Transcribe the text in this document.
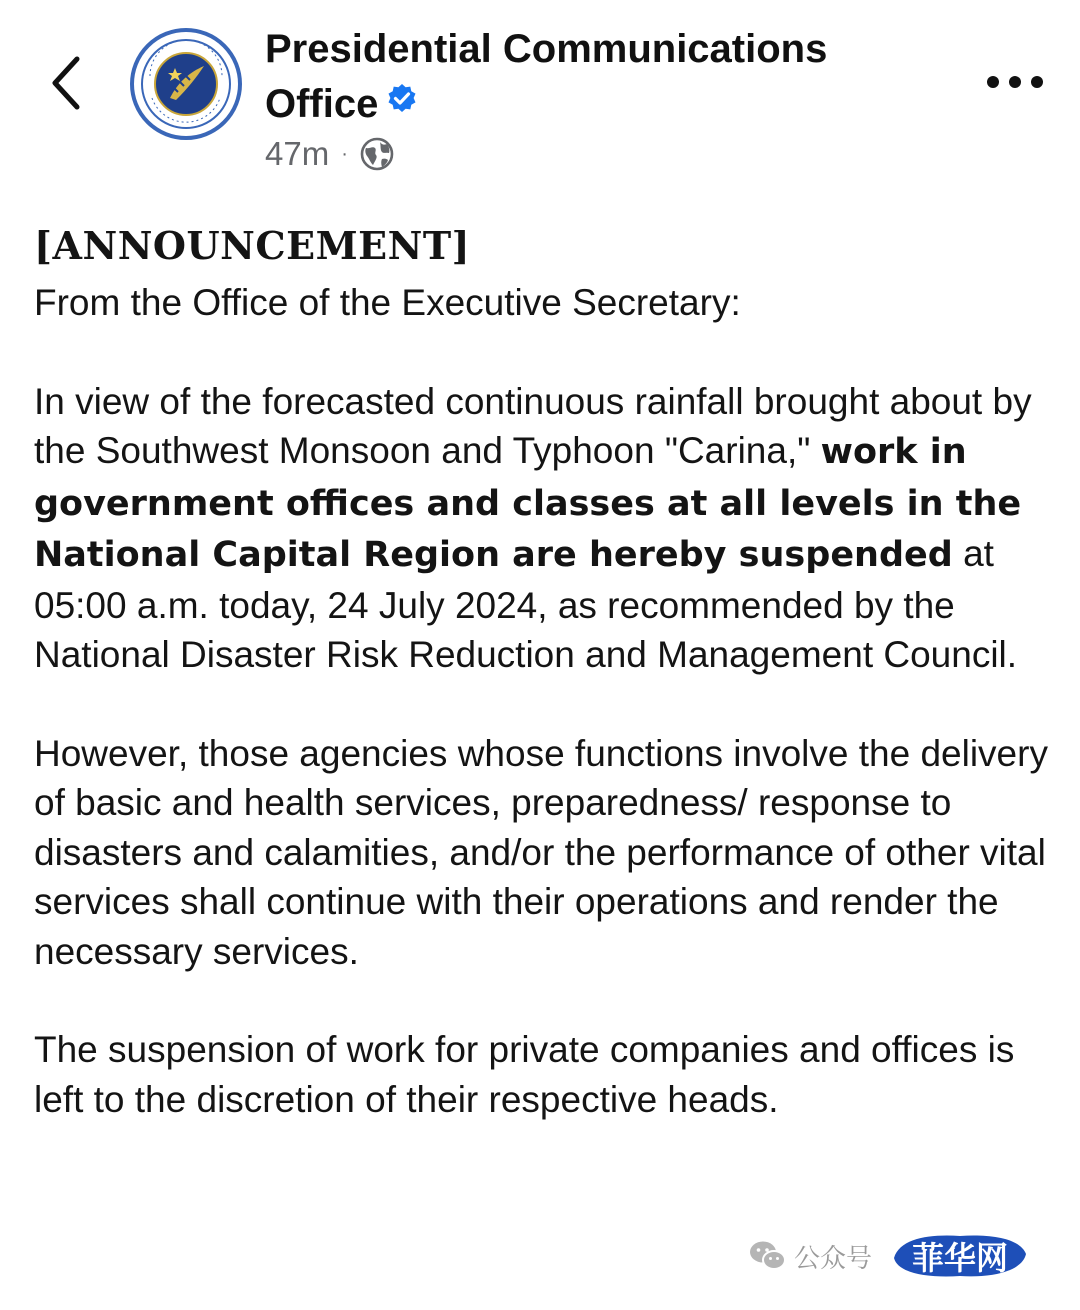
Presidential Communications Office
47m ·
[ANNOUNCEMENT]
From the Office of the Executive Secretary:
In view of the forecasted continuous rainfall brought about by the Southwest Monsoon and Typhoon "Carina," work in government offices and classes at all levels in the National Capital Region are hereby suspended at 05:00 a.m. today, 24 July 2024, as recommended by the National Disaster Risk Reduction and Management Council.
However, those agencies whose functions involve the delivery of basic and health services, preparedness/ response to disasters and calamities, and/or the performance of other vital services shall continue with their operations and render the necessary services.
The suspension of work for private companies and offices is left to the discretion of their respective heads.
公众号	菲华网
